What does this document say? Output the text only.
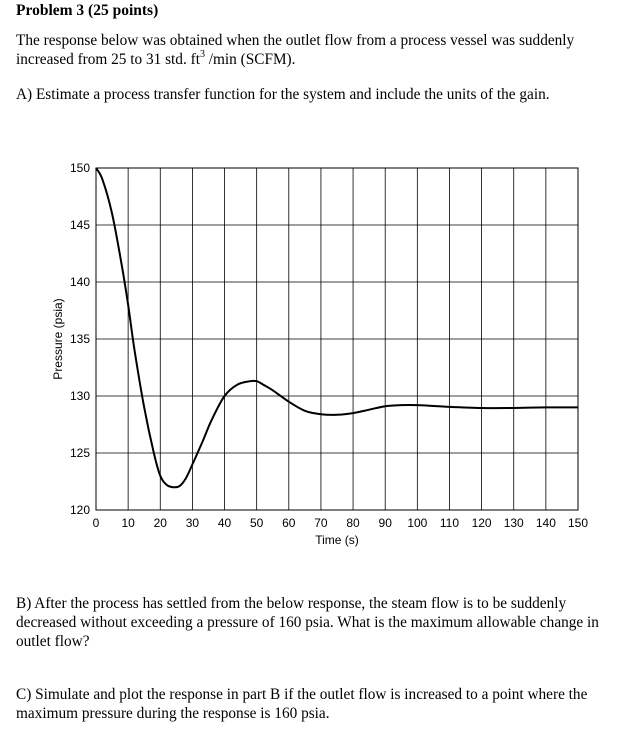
Problem 3 (25 points)
The response below was obtained when the outlet flow from a process vessel was suddenly increased from 25 to 31 std. $ft^3$ /min (SCFM).
A) Estimate a process transfer function for the system and include the units of the gain.
0 10 20 30 40 50 60 70 80 90 100 110 120 130 140 150
120
125
130
135
140
145
150
Time (s)
Pressure (psia)
B) After the process has settled from the below response, the steam flow is to be suddenly decreased without exceeding a pressure of 160 psia. What is the maximum allowable change in outlet flow?
C) Simulate and plot the response in part B if the outlet flow is increased to a point where the maximum pressure during the response is 160 psia.
